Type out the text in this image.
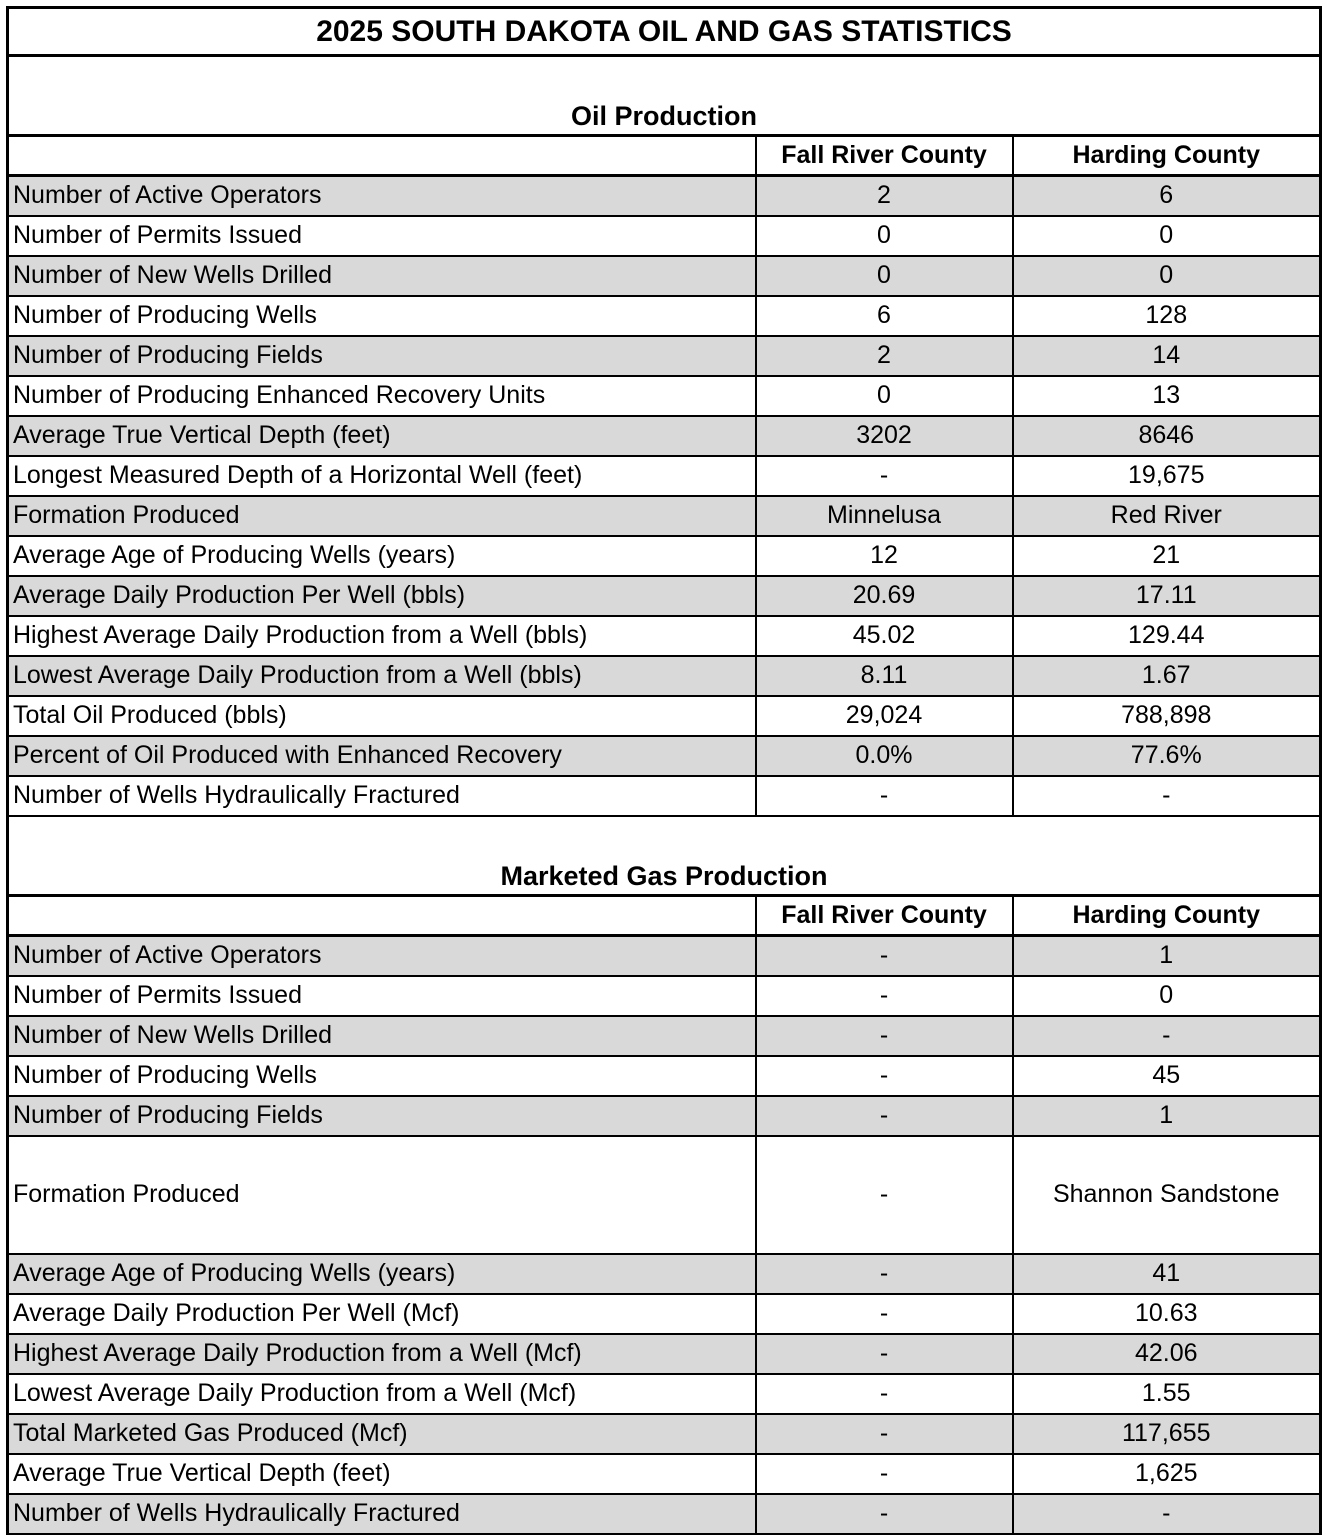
2025 SOUTH DAKOTA OIL AND GAS STATISTICS		
Oil Production		
	Fall River County	Harding County
Number of Active Operators	2	6
Number of Permits Issued	0	0
Number of New Wells Drilled	0	0
Number of Producing Wells	6	128
Number of Producing Fields	2	14
Number of Producing Enhanced Recovery Units	0	13
Average True Vertical Depth (feet)	3202	8646
Longest Measured Depth of a Horizontal Well (feet)	-	19,675
Formation Produced	Minnelusa	Red River
Average Age of Producing Wells (years)	12	21
Average Daily Production Per Well (bbls)	20.69	17.11
Highest Average Daily Production from a Well (bbls)	45.02	129.44
Lowest Average Daily Production from a Well (bbls)	8.11	1.67
Total Oil Produced (bbls)	29,024	788,898
Percent of Oil Produced with Enhanced Recovery	0.0%	77.6%
Number of Wells Hydraulically Fractured	-	-
Marketed Gas Production		
	Fall River County	Harding County
Number of Active Operators	-	1
Number of Permits Issued	-	0
Number of New Wells Drilled	-	-
Number of Producing Wells	-	45
Number of Producing Fields	-	1
Formation Produced	-	Shannon Sandstone
Average Age of Producing Wells (years)	-	41
Average Daily Production Per Well (Mcf)	-	10.63
Highest Average Daily Production from a Well (Mcf)	-	42.06
Lowest Average Daily Production from a Well (Mcf)	-	1.55
Total Marketed Gas Produced (Mcf)	-	117,655
Average True Vertical Depth (feet)	-	1,625
Number of Wells Hydraulically Fractured	-	-
